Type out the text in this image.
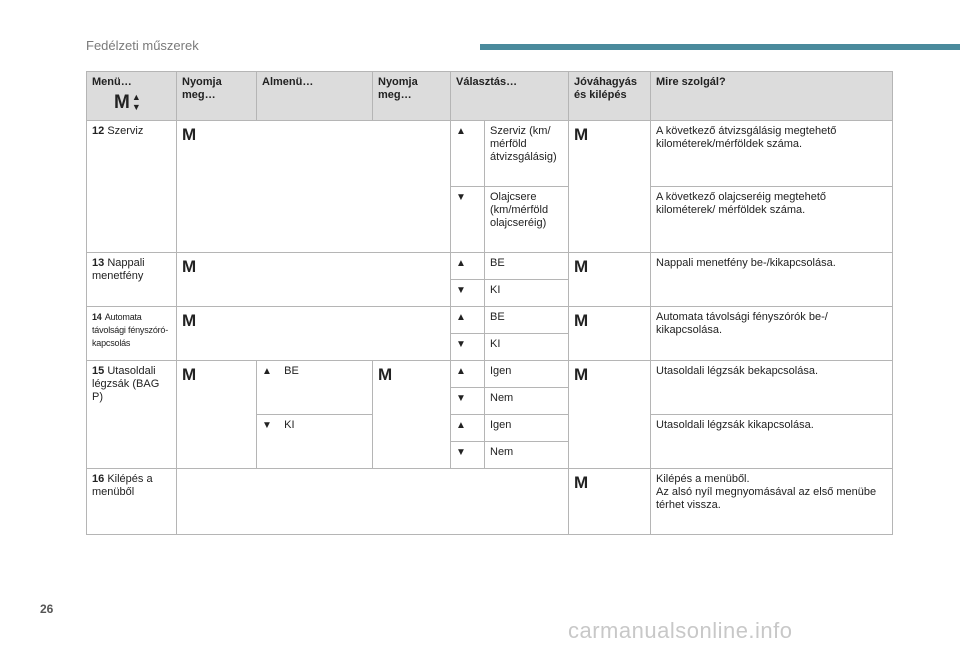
Fedélzeti műszerek
Menü…
M ▲
▼	Nyomja meg…	Almenü…	Nyomja meg…	Választás…		Jóváhagyás és kilépés	Mire szolgál?
12 Szerviz	M			▲	Szerviz (km/ mérföld átvizsgálásig)	M	A következő átvizsgálásig megtehető kilométerek/mérföldek száma.
				▼	Olajcsere (km/mérföld olajcseréig)		A következő olajcseréig megtehető kilométerek/ mérföldek száma.
13 Nappali menetfény	M			▲	BE	M	Nappali menetfény be-/kikapcsolása.
				▼	KI		
14 Automata távolsági fényszóró-kapcsolás	M			▲	BE	M	Automata távolsági fényszórók be-/ kikapcsolása.
				▼	KI		
15 Utasoldali légzsák (BAG P)	M	▲ BE	M	▲	Igen	M	Utasoldali légzsák bekapcsolása.
				▼	Nem		
		▼ KI		▲	Igen		Utasoldali légzsák kikapcsolása.
				▼	Nem		
16 Kilépés a menüből						M	Kilépés a menüből.
Az alsó nyíl megnyomásával az első menübe térhet vissza.
26
carmanualsonline.info
